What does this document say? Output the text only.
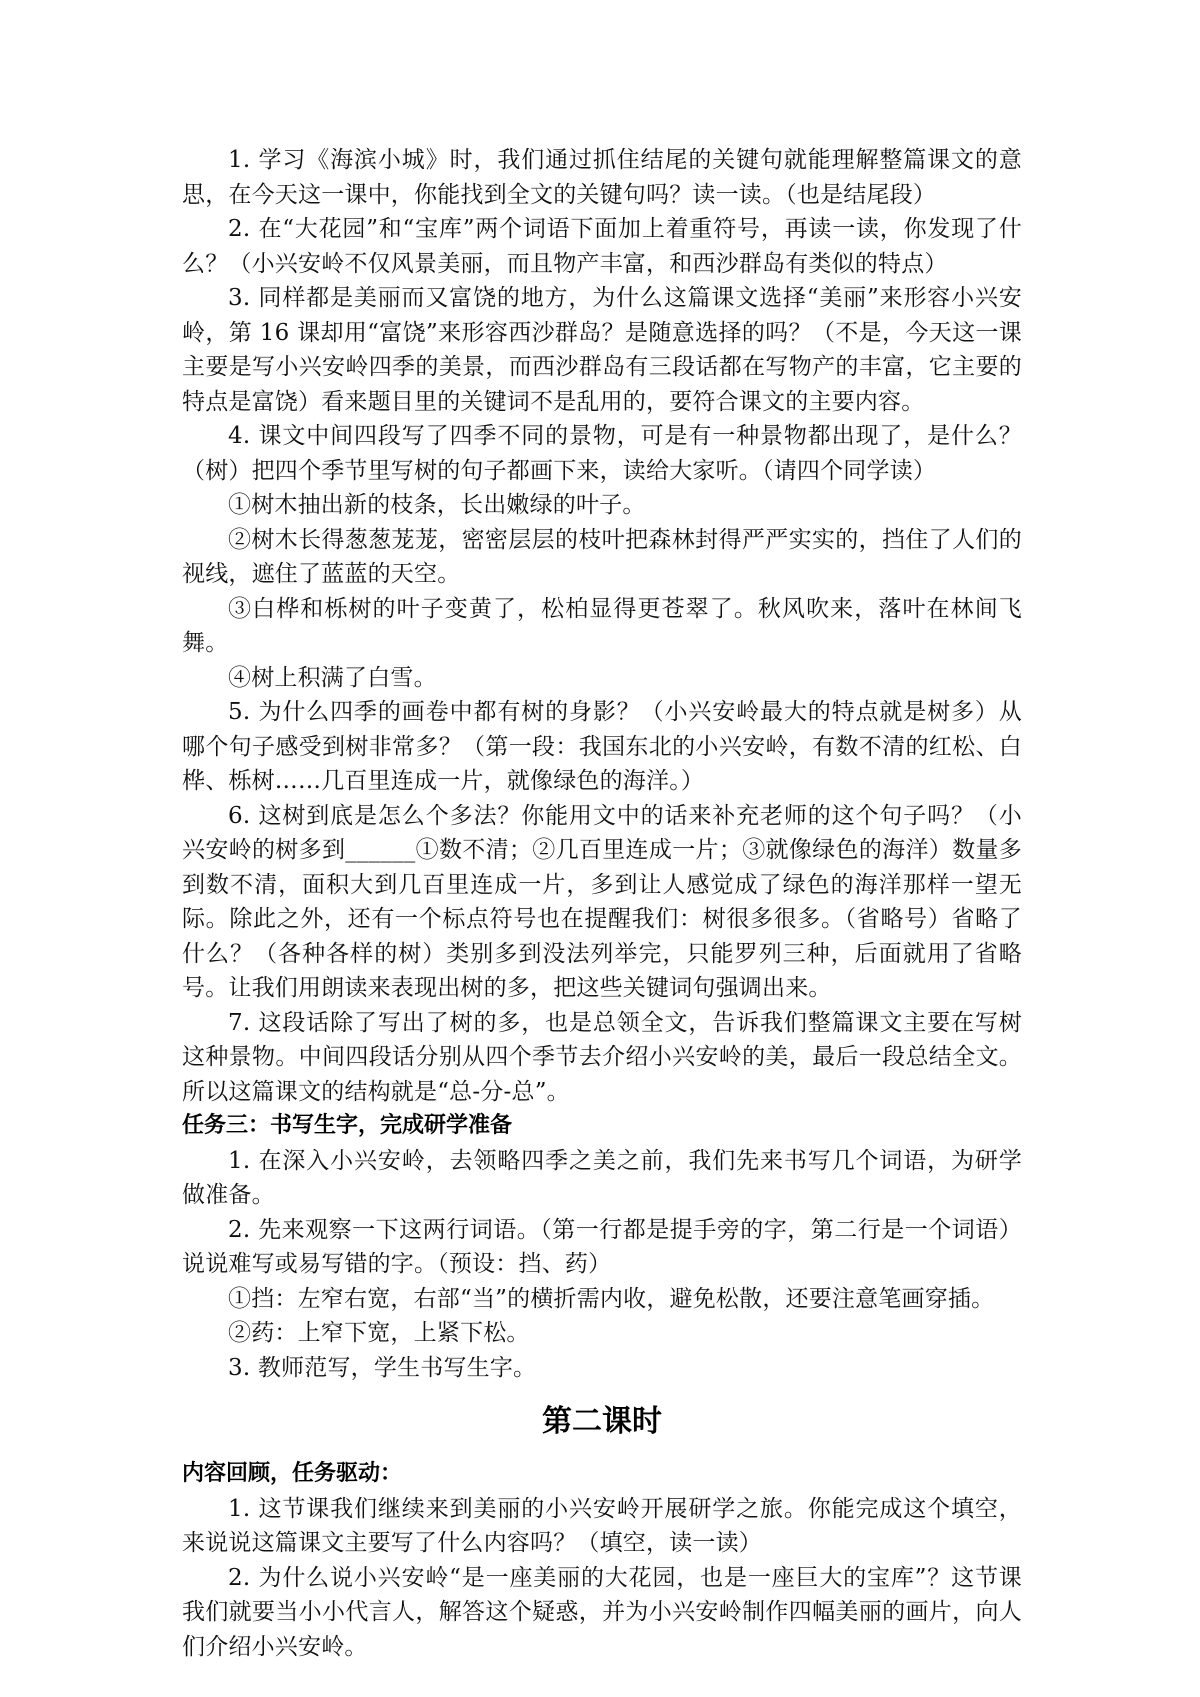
1. 学习《海滨小城》时，我们通过抓住结尾的关键句就能理解整篇课文的意思，在今天这一课中，你能找到全文的关键句吗？读一读。（也是结尾段）

2. 在“大花园”和“宝库”两个词语下面加上着重符号，再读一读，你发现了什么？（小兴安岭不仅风景美丽，而且物产丰富，和西沙群岛有类似的特点）

3. 同样都是美丽而又富饶的地方，为什么这篇课文选择“美丽”来形容小兴安岭，第 16 课却用“富饶”来形容西沙群岛？是随意选择的吗？（不是，今天这一课主要是写小兴安岭四季的美景，而西沙群岛有三段话都在写物产的丰富，它主要的特点是富饶）看来题目里的关键词不是乱用的，要符合课文的主要内容。

4. 课文中间四段写了四季不同的景物，可是有一种景物都出现了，是什么？（树）把四个季节里写树的句子都画下来，读给大家听。（请四个同学读）

①树木抽出新的枝条，长出嫩绿的叶子。

②树木长得葱葱茏茏，密密层层的枝叶把森林封得严严实实的，挡住了人们的视线，遮住了蓝蓝的天空。

③白桦和栎树的叶子变黄了，松柏显得更苍翠了。秋风吹来，落叶在林间飞舞。

④树上积满了白雪。

5. 为什么四季的画卷中都有树的身影？（小兴安岭最大的特点就是树多）从哪个句子感受到树非常多？（第一段：我国东北的小兴安岭，有数不清的红松、白桦、栎树……几百里连成一片，就像绿色的海洋。）

6. 这树到底是怎么个多法？你能用文中的话来补充老师的这个句子吗？（小兴安岭的树多到______①数不清；②几百里连成一片；③就像绿色的海洋）数量多到数不清，面积大到几百里连成一片，多到让人感觉成了绿色的海洋那样一望无际。除此之外，还有一个标点符号也在提醒我们：树很多很多。（省略号）省略了什么？（各种各样的树）类别多到没法列举完，只能罗列三种，后面就用了省略号。让我们用朗读来表现出树的多，把这些关键词句强调出来。

7. 这段话除了写出了树的多，也是总领全文，告诉我们整篇课文主要在写树这种景物。中间四段话分别从四个季节去介绍小兴安岭的美，最后一段总结全文。所以这篇课文的结构就是“总-分-总”。

任务三：书写生字，完成研学准备

1. 在深入小兴安岭，去领略四季之美之前，我们先来书写几个词语，为研学做准备。

2. 先来观察一下这两行词语。（第一行都是提手旁的字，第二行是一个词语）说说难写或易写错的字。（预设：挡、药）

①挡：左窄右宽，右部“当”的横折需内收，避免松散，还要注意笔画穿插。

②药：上窄下宽，上紧下松。

3. 教师范写，学生书写生字。

第二课时

内容回顾，任务驱动：

1. 这节课我们继续来到美丽的小兴安岭开展研学之旅。你能完成这个填空，来说说这篇课文主要写了什么内容吗？（填空，读一读）

2. 为什么说小兴安岭“是一座美丽的大花园，也是一座巨大的宝库”？这节课我们就要当小小代言人，解答这个疑惑，并为小兴安岭制作四幅美丽的画片，向人们介绍小兴安岭。
